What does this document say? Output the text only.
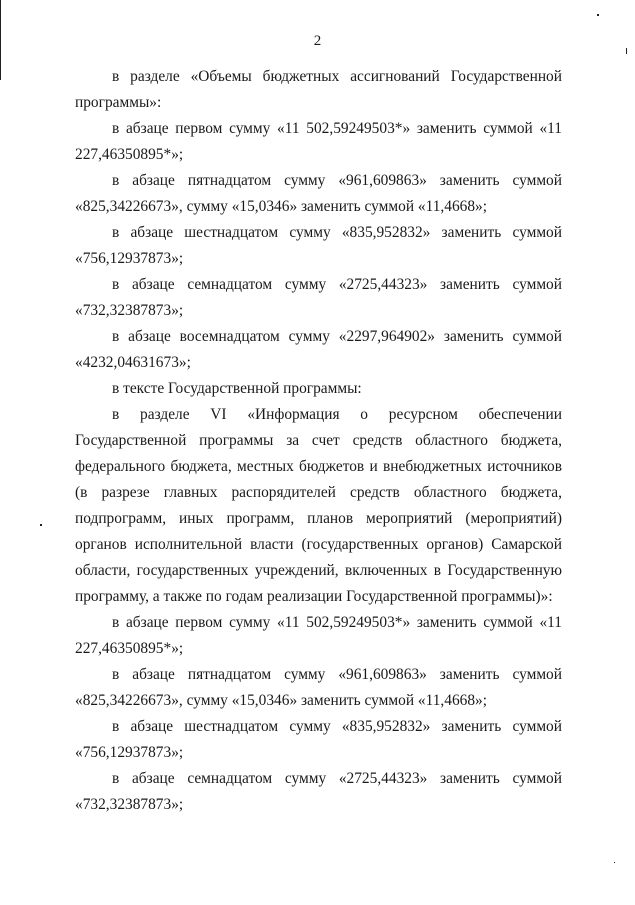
2

в разделе «Объемы бюджетных ассигнований Государственной программы»:

в абзаце первом сумму «11 502,59249503*» заменить суммой «11 227,46350895*»;

в абзаце пятнадцатом сумму «961,609863» заменить суммой «825,34226673», сумму «15,0346» заменить суммой «11,4668»;

в абзаце шестнадцатом сумму «835,952832» заменить суммой «756,12937873»;

в абзаце семнадцатом сумму «2725,44323» заменить суммой «732,32387873»;

в абзаце восемнадцатом сумму «2297,964902» заменить суммой «4232,04631673»;

в тексте Государственной программы:

в разделе VI «Информация о ресурсном обеспечении Государственной программы за счет средств областного бюджета, федерального бюджета, местных бюджетов и внебюджетных источников (в разрезе главных распорядителей средств областного бюджета, подпрограмм, иных программ, планов мероприятий (мероприятий) органов исполнительной власти (государственных органов) Самарской области, государственных учреждений, включенных в Государственную программу, а также по годам реализации Государственной программы)»:

в абзаце первом сумму «11 502,59249503*» заменить суммой «11 227,46350895*»;

в абзаце пятнадцатом сумму «961,609863» заменить суммой «825,34226673», сумму «15,0346» заменить суммой «11,4668»;

в абзаце шестнадцатом сумму «835,952832» заменить суммой «756,12937873»;

в абзаце семнадцатом сумму «2725,44323» заменить суммой «732,32387873»;
